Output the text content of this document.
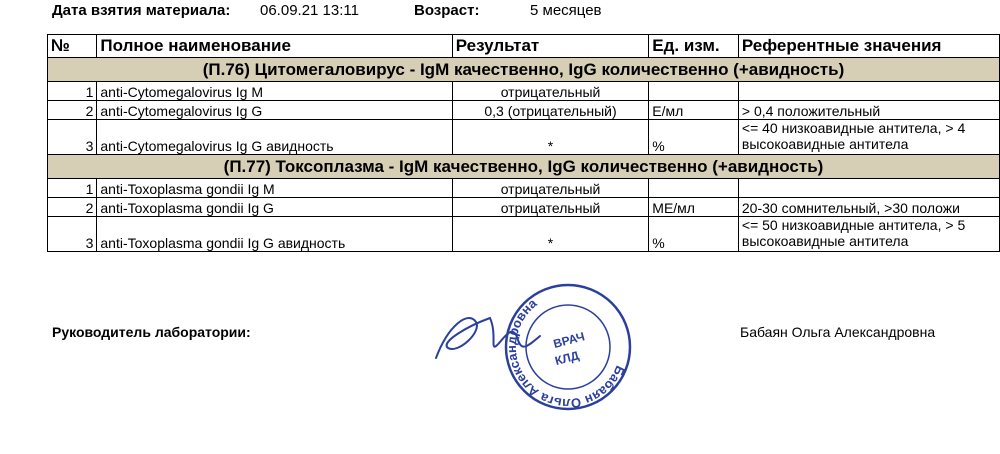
Дата взятия материала: 06.09.21 13:11	Возраст:	5 месяцев
№	Полное наименование	Результат	Ед. изм.	Референтные значения
(П.76) Цитомегаловирус - IgM качественно, IgG количественно (+авидность)				
1	anti-Cytomegalovirus Ig M	отрицательный		
2	anti-Cytomegalovirus Ig G	0,3 (отрицательный)	Е/мл	> 0,4 положительный
3	anti-Cytomegalovirus Ig G авидность	*	%	<= 40 низкоавидные антитела, > 4
высокоавидные антитела

(П.77) Токсоплазма - IgM качественно, IgG количественно (+авидность)				
1	anti-Toxoplasma gondii Ig M	отрицательный		
2	anti-Toxoplasma gondii Ig G	отрицательный	МЕ/мл	20-30 сомнительный, >30 положи
3	anti-Toxoplasma gondii Ig G авидность	*	%	<= 50 низкоавидные антитела, > 5
высокоавидные антитела
Руководитель лаборатории:	Бабаян Ольга Александровна
Бабаян Ольга Александровна
ВРАЧ
КЛД
